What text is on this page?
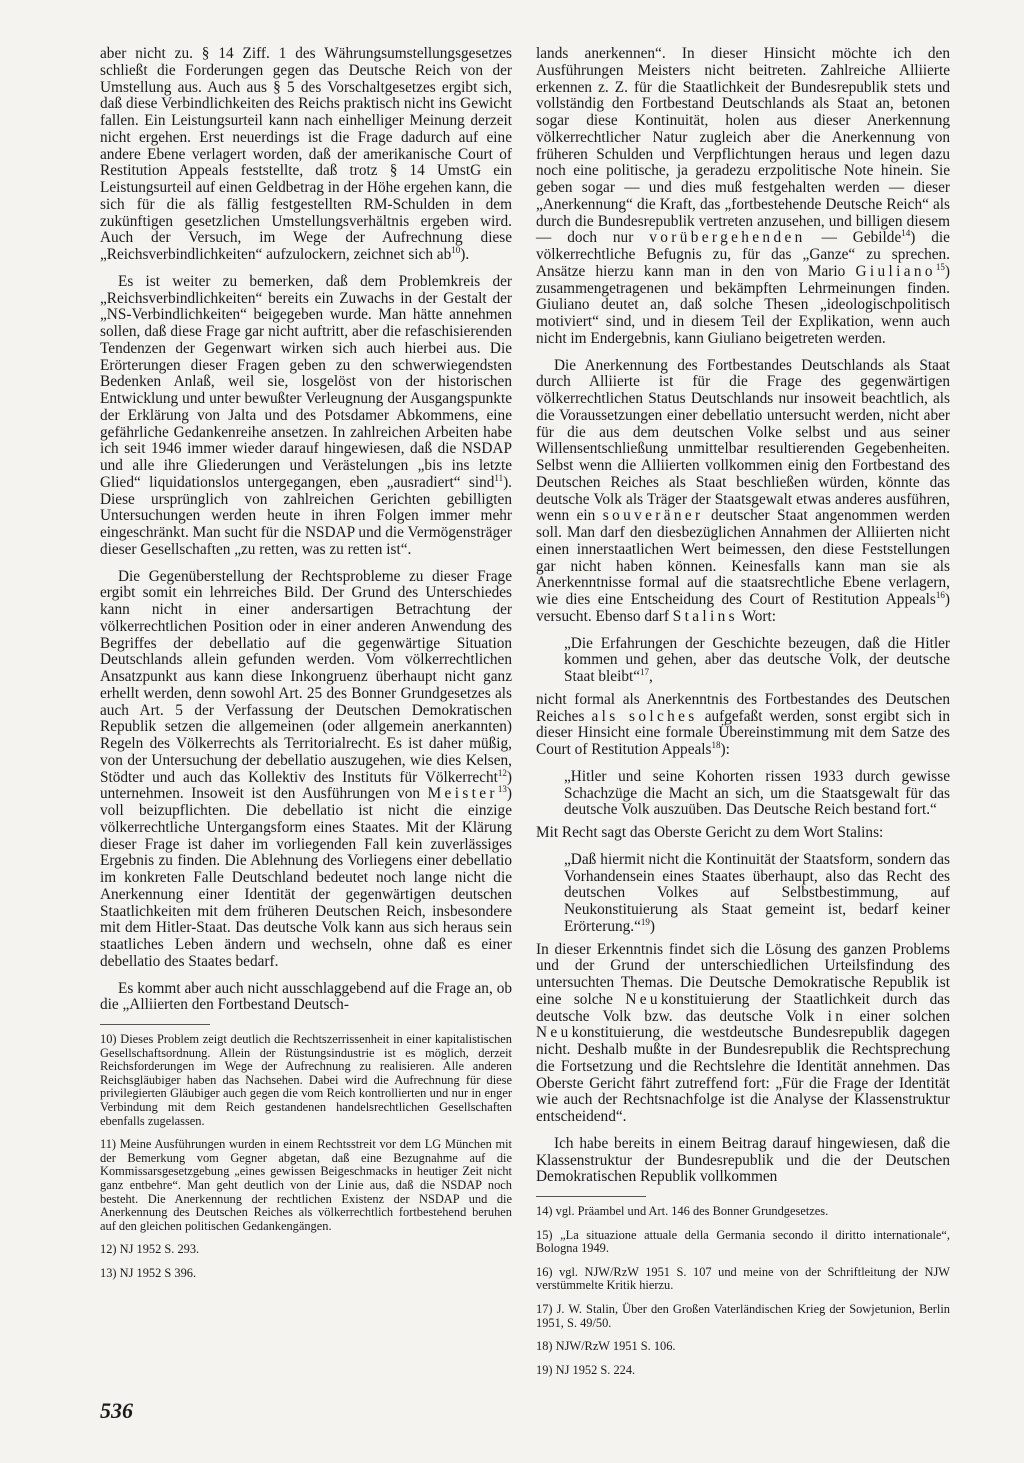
aber nicht zu. § 14 Ziff. 1 des Währungsumstellungsgesetzes schließt die Forderungen gegen das Deutsche Reich von der Umstellung aus. Auch aus § 5 des Vorschaltgesetzes ergibt sich, daß diese Verbindlichkeiten des Reichs praktisch nicht ins Gewicht fallen. Ein Leistungsurteil kann nach einhelliger Meinung derzeit nicht ergehen. Erst neuerdings ist die Frage dadurch auf eine andere Ebene verlagert worden, daß der amerikanische Court of Restitution Appeals feststellte, daß trotz § 14 UmstG ein Leistungsurteil auf einen Geldbetrag in der Höhe ergehen kann, die sich für die als fällig festgestellten RM-Schulden in dem zukünftigen gesetzlichen Umstellungsverhältnis ergeben wird. Auch der Versuch, im Wege der Aufrechnung diese „Reichsverbindlichkeiten“ aufzulockern, zeichnet sich $ab^{10}$).

Es ist weiter zu bemerken, daß dem Problemkreis der „Reichsverbindlichkeiten“ bereits ein Zuwachs in der Gestalt der „NS-Verbindlichkeiten“ beigegeben wurde. Man hätte annehmen sollen, daß diese Frage gar nicht auftritt, aber die refaschisierenden Tendenzen der Gegenwart wirken sich auch hierbei aus. Die Erörterungen dieser Fragen geben zu den schwerwiegendsten Bedenken Anlaß, weil sie, losgelöst von der historischen Entwicklung und unter bewußter Verleugnung der Ausgangspunkte der Erklärung von Jalta und des Potsdamer Abkommens, eine gefährliche Gedankenreihe ansetzen. In zahlreichen Arbeiten habe ich seit 1946 immer wieder darauf hingewiesen, daß die NSDAP und alle ihre Gliederungen und Verästelungen „bis ins letzte Glied“ liquidationslos untergegangen, eben „ausradiert“ sind$^{11}$). Diese ursprünglich von zahlreichen Gerichten gebilligten Untersuchungen werden heute in ihren Folgen immer mehr eingeschränkt. Man sucht für die NSDAP und die Vermögensträger dieser Gesellschaften „zu retten, was zu retten ist“.

Die Gegenüberstellung der Rechtsprobleme zu dieser Frage ergibt somit ein lehrreiches Bild. Der Grund des Unterschiedes kann nicht in einer andersartigen Betrachtung der völkerrechtlichen Position oder in einer anderen Anwendung des Begriffes der debellatio auf die gegenwärtige Situation Deutschlands allein gefunden werden. Vom völkerrechtlichen Ansatzpunkt aus kann diese Inkongruenz überhaupt nicht ganz erhellt werden, denn sowohl Art. 25 des Bonner Grundgesetzes als auch Art. 5 der Verfassung der Deutschen Demokratischen Republik setzen die allgemeinen (oder allgemein anerkannten) Regeln des Völkerrechts als Territorialrecht. Es ist daher müßig, von der Untersuchung der debellatio auszugehen, wie dies Kelsen, Stödter und auch das Kollektiv des Instituts für Völkerrecht$^{12}$) unternehmen. Insoweit ist den Ausführungen von Meister$^{13}$) voll beizupflichten. Die debellatio ist nicht die einzige völkerrechtliche Untergangsform eines Staates. Mit der Klärung dieser Frage ist daher im vorliegenden Fall kein zuverlässiges Ergebnis zu finden. Die Ablehnung des Vorliegens einer debellatio im konkreten Falle Deutschland bedeutet noch lange nicht die Anerkennung einer Identität der gegenwärtigen deutschen Staatlichkeiten mit dem früheren Deutschen Reich, insbesondere mit dem Hitler-Staat. Das deutsche Volk kann aus sich heraus sein staatliches Leben ändern und wechseln, ohne daß es einer debellatio des Staates bedarf.

Es kommt aber auch nicht ausschlaggebend auf die Frage an, ob die „Alliierten den Fortbestand Deutsch-

10) Dieses Problem zeigt deutlich die Rechtszerrissenheit in einer kapitalistischen Gesellschaftsordnung. Allein der Rüstungsindustrie ist es möglich, derzeit Reichsforderungen im Wege der Aufrechnung zu realisieren. Alle anderen Reichsgläubiger haben das Nachsehen. Dabei wird die Aufrechnung für diese privilegierten Gläubiger auch gegen die vom Reich kontrollierten und nur in enger Verbindung mit dem Reich gestandenen handelsrechtlichen Gesellschaften ebenfalls zugelassen.

11) Meine Ausführungen wurden in einem Rechtsstreit vor dem LG München mit der Bemerkung vom Gegner abgetan, daß eine Bezugnahme auf die Kommissarsgesetzgebung „eines gewissen Beigeschmacks in heutiger Zeit nicht ganz entbehre“. Man geht deutlich von der Linie aus, daß die NSDAP noch besteht. Die Anerkennung der rechtlichen Existenz der NSDAP und die Anerkennung des Deutschen Reiches als völkerrechtlich fortbestehend beruhen auf den gleichen politischen Gedankengängen.

12) NJ 1952 S. 293.

13) NJ 1952 S 396.

lands anerkennen“. In dieser Hinsicht möchte ich den Ausführungen Meisters nicht beitreten. Zahlreiche Alliierte erkennen z. Z. für die Staatlichkeit der Bundesrepublik stets und vollständig den Fortbestand Deutschlands als Staat an, betonen sogar diese Kontinuität, holen aus dieser Anerkennung völkerrechtlicher Natur zugleich aber die Anerkennung von früheren Schulden und Verpflichtungen heraus und legen dazu noch eine politische, ja geradezu erzpolitische Note hinein. Sie geben sogar — und dies muß festgehalten werden — dieser „Anerkennung“ die Kraft, das „fortbestehende Deutsche Reich“ als durch die Bundesrepublik vertreten anzusehen, und billigen diesem — doch nur vorübergehenden — Gebilde$^{14}$) die völkerrechtliche Befugnis zu, für das „Ganze“ zu sprechen. Ansätze hierzu kann man in den von Mario Giuliano$^{15}$) zusammengetragenen und bekämpften Lehrmeinungen finden. Giuliano deutet an, daß solche Thesen „ideologischpolitisch motiviert“ sind, und in diesem Teil der Explikation, wenn auch nicht im Endergebnis, kann Giuliano beigetreten werden.

Die Anerkennung des Fortbestandes Deutschlands als Staat durch Alliierte ist für die Frage des gegenwärtigen völkerrechtlichen Status Deutschlands nur insoweit beachtlich, als die Voraussetzungen einer debellatio untersucht werden, nicht aber für die aus dem deutschen Volke selbst und aus seiner Willensentschließung unmittelbar resultierenden Gegebenheiten. Selbst wenn die Alliierten vollkommen einig den Fortbestand des Deutschen Reiches als Staat beschließen würden, könnte das deutsche Volk als Träger der Staatsgewalt etwas anderes ausführen, wenn ein souveräner deutscher Staat angenommen werden soll. Man darf den diesbezüglichen Annahmen der Alliierten nicht einen innerstaatlichen Wert beimessen, den diese Feststellungen gar nicht haben können. Keinesfalls kann man sie als Anerkenntnisse formal auf die staatsrechtliche Ebene verlagern, wie dies eine Entscheidung des Court of Restitution Appeals$^{16}$) versucht. Ebenso darf Stalins Wort:

„Die Erfahrungen der Geschichte bezeugen, daß die Hitler kommen und gehen, aber das deutsche Volk, der deutsche Staat bleibt“$^{17}$,

nicht formal als Anerkenntnis des Fortbestandes des Deutschen Reiches als solches aufgefaßt werden, sonst ergibt sich in dieser Hinsicht eine formale Übereinstimmung mit dem Satze des Court of Restitution Appeals$^{18}$):

„Hitler und seine Kohorten rissen 1933 durch gewisse Schachzüge die Macht an sich, um die Staatsgewalt für das deutsche Volk auszuüben. Das Deutsche Reich bestand fort.“

Mit Recht sagt das Oberste Gericht zu dem Wort Stalins:

„Daß hiermit nicht die Kontinuität der Staatsform, sondern das Vorhandensein eines Staates überhaupt, also das Recht des deutschen Volkes auf Selbstbestimmung, auf Neukonstituierung als Staat gemeint ist, bedarf keiner Erörterung.“$^{19}$)

In dieser Erkenntnis findet sich die Lösung des ganzen Problems und der Grund der unterschiedlichen Urteilsfindung des untersuchten Themas. Die Deutsche Demokratische Republik ist eine solche Neukonstituierung der Staatlichkeit durch das deutsche Volk bzw. das deutsche Volk in einer solchen Neukonstituierung, die westdeutsche Bundesrepublik dagegen nicht. Deshalb mußte in der Bundesrepublik die Rechtsprechung die Fortsetzung und die Rechtslehre die Identität annehmen. Das Oberste Gericht fährt zutreffend fort: „Für die Frage der Identität wie auch der Rechtsnachfolge ist die Analyse der Klassenstruktur entscheidend“.

Ich habe bereits in einem Beitrag darauf hingewiesen, daß die Klassenstruktur der Bundesrepublik und die der Deutschen Demokratischen Republik vollkommen

14) vgl. Präambel und Art. 146 des Bonner Grundgesetzes.

15) „La situazione attuale della Germania secondo il diritto internationale“, Bologna 1949.

16) vgl. NJW/RzW 1951 S. 107 und meine von der Schriftleitung der NJW verstümmelte Kritik hierzu.

17) J. W. Stalin, Über den Großen Vaterländischen Krieg der Sowjetunion, Berlin 1951, S. 49/50.

18) NJW/RzW 1951 S. 106.

19) NJ 1952 S. 224.

536
